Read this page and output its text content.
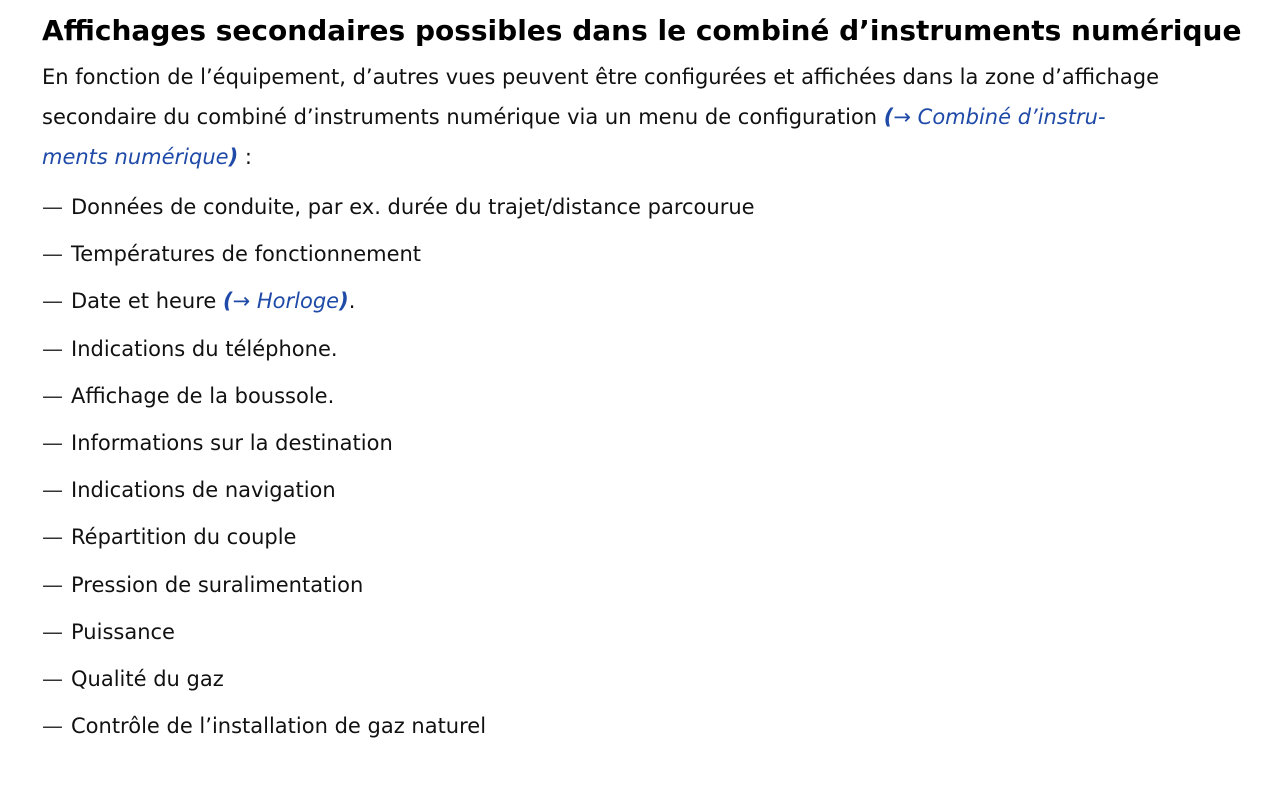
Affichages secondaires possibles dans le combiné d’instruments numérique

En fonction de l’équipement, d’autres vues peuvent être configurées et affichées dans la zone d’affichage
secondaire du combiné d’instruments numérique via un menu de configuration (→ Combiné d’instru-
ments numérique) :

— Données de conduite, par ex. durée du trajet/distance parcourue
— Températures de fonctionnement
— Date et heure (→ Horloge).
— Indications du téléphone.
— Affichage de la boussole.
— Informations sur la destination
— Indications de navigation
— Répartition du couple
— Pression de suralimentation
— Puissance
— Qualité du gaz
— Contrôle de l’installation de gaz naturel
